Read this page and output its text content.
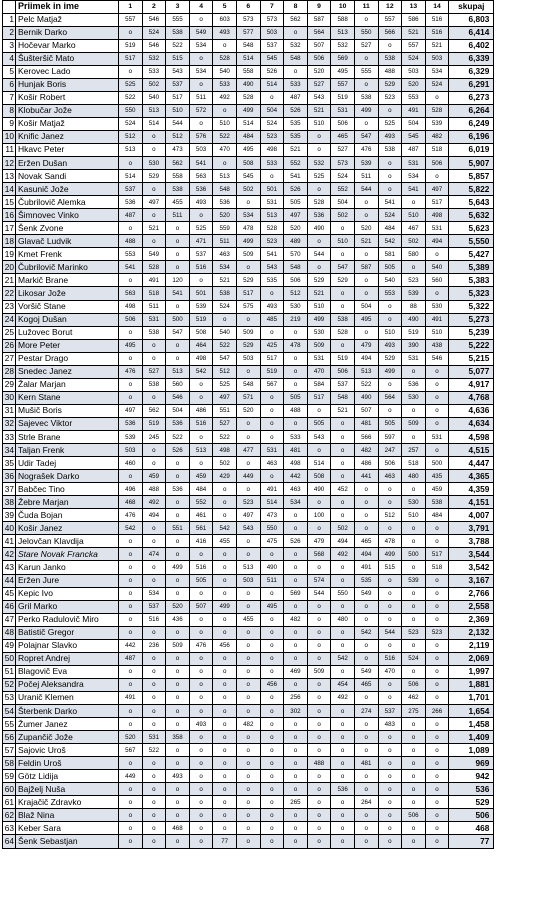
	Priimek in ime	1	2	3	4	5	6	7	8	9	10	11	12	13	14	skupaj
1	Pelc Matjaž	557	546	555	o	603	573	573	562	587	588	o	557	586	516	6,803
2	Bernik Darko	o	524	538	549	493	577	503	o	564	513	550	566	521	516	6,414
3	Hočevar Marko	519	546	522	534	o	548	537	532	507	532	527	o	557	521	6,402
4	Šušteršič Mato	517	532	515	o	528	514	545	548	506	569	o	538	524	503	6,339
5	Kerovec Lado	o	533	543	534	540	558	526	o	520	495	555	488	503	534	6,329
6	Hunjak Boris	525	502	537	o	533	490	514	533	527	557	o	529	520	524	6,291
7	Košir Robert	522	540	517	511	492	528	o	487	543	519	538	523	553	o	6,273
8	Klobučar Jože	550	513	510	572	o	499	504	526	521	531	499	o	491	528	6,264
9	Košir Matjaž	524	514	544	o	510	514	524	535	510	506	o	525	504	539	6,249
10	Knific Janez	512	o	512	576	522	484	523	535	o	465	547	493	545	482	6,196
11	Hkavc Peter	513	o	473	503	470	495	498	521	o	527	476	538	487	518	6,019
12	Eržen Dušan	o	530	562	541	o	508	533	552	532	573	539	o	531	506	5,907
13	Novak Sandi	514	529	558	563	513	545	o	541	525	524	511	o	534	o	5,857
14	Kasunič Jože	537	o	538	536	548	502	501	526	o	552	544	o	541	497	5,822
15	Čubrilovič Alemka	536	497	455	493	536	o	531	505	528	504	o	541	o	517	5,643
16	Šimnovec Vinko	487	o	511	o	520	534	513	497	536	502	o	524	510	498	5,632
17	Šenk Zvone	o	521	o	525	559	478	528	520	490	o	520	484	467	531	5,623
18	Glavač Ludvik	488	o	o	471	511	499	523	489	o	510	521	542	502	494	5,550
19	Kmet Frenk	553	549	o	537	463	509	541	570	544	o	o	581	580	o	5,427
20	Čubrilovič Marinko	541	528	o	516	534	o	543	548	o	547	587	505	o	540	5,389
21	Markič Brane	o	491	120	o	521	529	535	506	529	529	o	540	523	560	5,383
22	Likosar Jože	563	518	541	501	538	517	o	512	521	o	o	553	539	o	5,323
23	Voršič Stane	498	511	o	539	524	575	493	530	510	o	504	o	88	530	5,322
24	Kogoj Dušan	506	531	500	519	o	o	485	219	499	538	495	o	490	491	5,273
25	Lužovec Borut	o	538	547	508	540	509	o	o	530	528	o	510	519	510	5,239
26	More Peter	495	o	o	464	522	529	425	478	509	o	479	493	390	438	5,222
27	Pestar Drago	o	o	o	498	547	503	517	o	531	519	494	529	531	546	5,215
28	Snedec Janez	476	527	513	542	512	o	519	o	470	506	513	499	o	o	5,077
29	Žalar Marjan	o	538	560	o	525	548	567	o	584	537	522	o	536	o	4,917
30	Kern Stane	o	o	546	o	497	571	o	505	517	548	490	564	530	o	4,768
31	Mušič Boris	497	562	504	486	551	520	o	488	o	521	507	o	o	o	4,636
32	Sajevec Viktor	536	519	536	516	527	o	o	o	505	o	481	505	509	o	4,634
33	Strle Brane	539	245	522	o	522	o	o	533	543	o	566	597	o	531	4,598
34	Taljan Frenk	503	o	526	513	498	477	531	481	o	o	482	247	257	o	4,515
35	Udir Tadej	460	o	o	o	502	o	463	498	514	o	486	506	518	500	4,447
36	Nograšek Darko	o	459	o	459	429	449	o	442	508	o	441	463	480	435	4,365
37	Babčec Tino	496	488	536	484	o	o	491	463	490	452	o	o	o	459	4,359
38	Žebre Marjan	468	492	o	552	o	523	514	534	o	o	o	o	530	538	4,151
39	Čuda Bojan	476	494	o	461	o	497	473	o	100	o	o	512	510	484	4,007
40	Košir Janez	542	o	551	561	542	543	550	o	o	502	o	o	o	o	3,791
41	Jelovčan Klavdija	o	o	o	416	455	o	475	526	479	494	465	478	o	o	3,788
42	Stare Novak Francka	o	474	o	o	o	o	o	o	568	492	494	499	500	517	3,544
43	Karun Janko	o	o	499	516	o	513	490	o	o	o	491	515	o	518	3,542
44	Eržen Jure	o	o	o	505	o	503	511	o	574	o	535	o	539	o	3,167
45	Kepic Ivo	o	534	o	o	o	o	o	569	544	550	549	o	o	o	2,766
46	Gril Marko	o	537	520	507	499	o	495	o	o	o	o	o	o	o	2,558
47	Perko Radulovič Miro	o	516	436	o	o	455	o	482	o	480	o	o	o	o	2,369
48	Batistič Gregor	o	o	o	o	o	o	o	o	o	o	542	544	523	523	2,132
49	Polajnar Slavko	442	236	509	476	456	o	o	o	o	o	o	o	o	o	2,119
50	Ropret Andrej	487	o	o	o	o	o	o	o	o	542	o	516	524	o	2,069
51	Blagovič Eva	o	o	o	o	o	o	o	469	509	o	549	470	o	o	1,997
52	Počej Aleksandra	o	o	o	o	o	o	456	o	o	454	465	o	506	o	1,881
53	Uranič Klemen	491	o	o	o	o	o	o	256	o	492	o	o	462	o	1,701
54	Šterbenk Darko	o	o	o	o	o	o	o	302	o	o	274	537	275	266	1,654
55	Žumer Janez	o	o	o	493	o	482	o	o	o	o	o	483	o	o	1,458
56	Zupančič Jože	520	531	358	o	o	o	o	o	o	o	o	o	o	o	1,409
57	Sajovic Uroš	567	522	o	o	o	o	o	o	o	o	o	o	o	o	1,089
58	Feldin Uroš	o	o	o	o	o	o	o	o	488	o	481	o	o	o	969
59	Götz Lidija	449	o	493	o	o	o	o	o	o	o	o	o	o	o	942
60	Bajželj Nuša	o	o	o	o	o	o	o	o	o	536	o	o	o	o	536
61	Krajačič Zdravko	o	o	o	o	o	o	o	265	o	o	264	o	o	o	529
62	Blaž Nina	o	o	o	o	o	o	o	o	o	o	o	o	506	o	506
63	Keber Sara	o	o	468	o	o	o	o	o	o	o	o	o	o	o	468
64	Šenk Sebastjan	o	o	o	o	77	o	o	o	o	o	o	o	o	o	77
